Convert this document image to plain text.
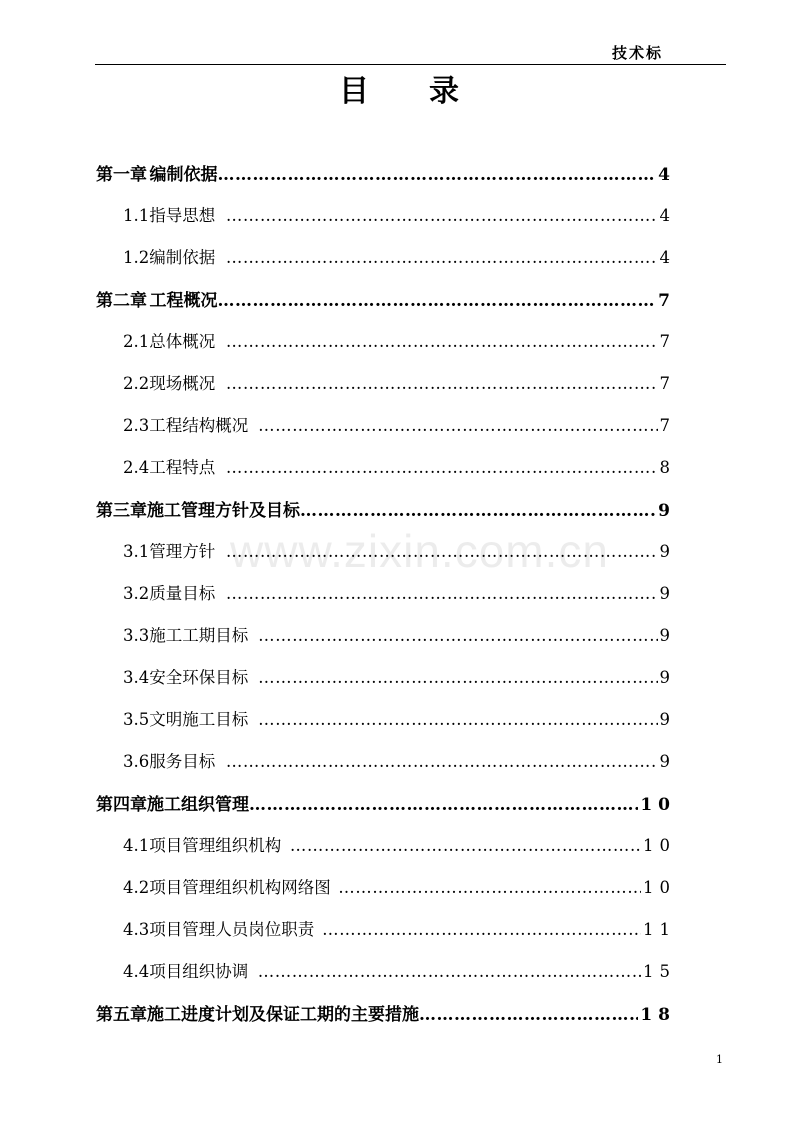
技术标
目 录
www.zixin.com.cn
第一章 编制依据 ……………………………………………………………………………………………………………………	4
1.1 指导思想 …………………………………………………………………………………………………………………	4
1.2 编制依据 …………………………………………………………………………………………………………………	4
第二章 工程概况 ……………………………………………………………………………………………………………………	7
2.1 总体概况 …………………………………………………………………………………………………………………	7
2.2 现场概况 …………………………………………………………………………………………………………………	7
2.3 工程结构概况 …………………………………………………………………………………………………………………	7
2.4 工程特点 …………………………………………………………………………………………………………………	8
第三章 施工管理方针及目标 ……………………………………………………………………………………………………………………	9
3.1 管理方针 …………………………………………………………………………………………………………………	9
3.2 质量目标 …………………………………………………………………………………………………………………	9
3.3 施工工期目标 …………………………………………………………………………………………………………………	9
3.4 安全环保目标 …………………………………………………………………………………………………………………	9
3.5 文明施工目标 …………………………………………………………………………………………………………………	9
3.6 服务目标 …………………………………………………………………………………………………………………	9
第四章 施工组织管理 ……………………………………………………………………………………………………………………	10
4.1 项目管理组织机构 …………………………………………………………………………………………………………………	10
4.2 项目管理组织机构网络图 …………………………………………………………………………………………………………………	10
4.3 项目管理人员岗位职责 …………………………………………………………………………………………………………………	11
4.4 项目组织协调 …………………………………………………………………………………………………………………	15
第五章 施工进度计划及保证工期的主要措施 ……………………………………………………………………………………………………………………	18
1
